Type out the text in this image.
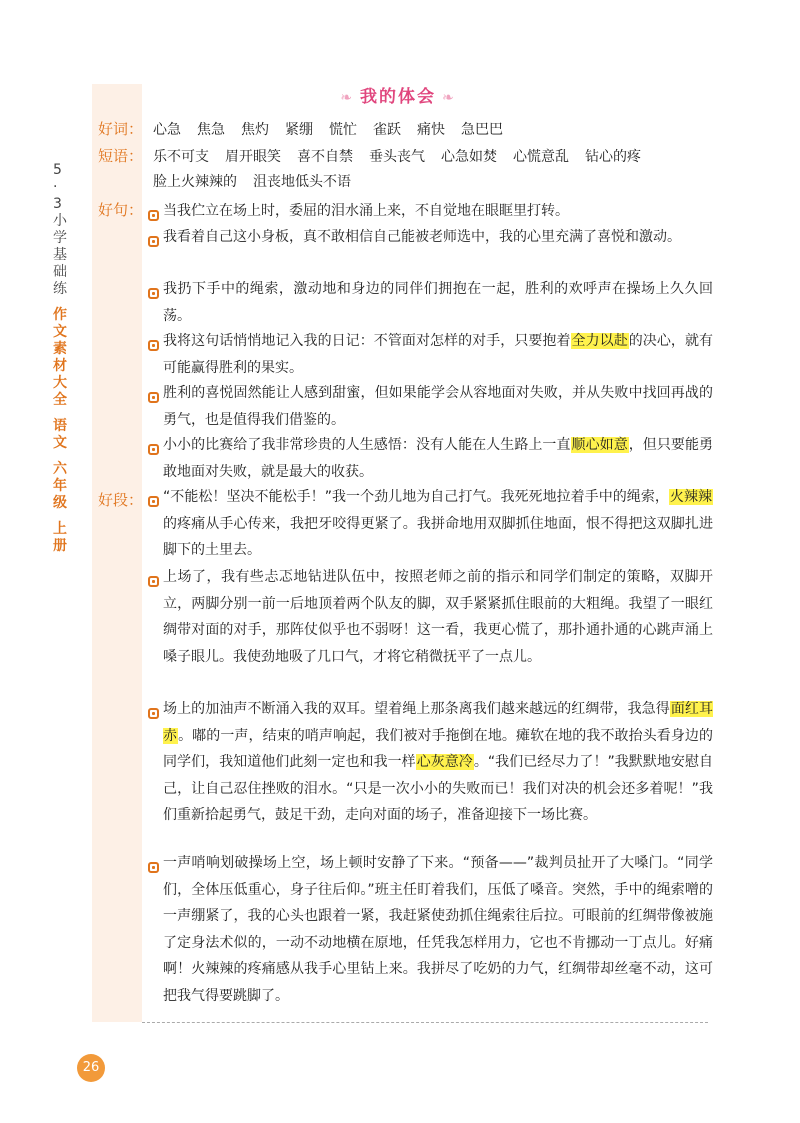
5
·
3
小
学
基
础
练
作
文
素
材
大
全
语
文
六
年
级
上
册
❧ 我的体会 ❧
好词： 心急 焦急 焦灼 紧绷 慌忙 雀跃 痛快 急巴巴
短语： 乐不可支 眉开眼笑 喜不自禁 垂头丧气 心急如焚 心慌意乱 钻心的疼
脸上火辣辣的 沮丧地低头不语
好句： 当我伫立在场上时，委屈的泪水涌上来，不自觉地在眼眶里打转。
我看着自己这小身板，真不敢相信自己能被老师选中，我的心里充满了喜悦和激动。
我扔下手中的绳索，激动地和身边的同伴们拥抱在一起，胜利的欢呼声在操场上久久回荡。
我将这句话悄悄地记入我的日记：不管面对怎样的对手，只要抱着全力以赴的决心，就有可能赢得胜利的果实。
胜利的喜悦固然能让人感到甜蜜，但如果能学会从容地面对失败，并从失败中找回再战的勇气，也是值得我们借鉴的。
小小的比赛给了我非常珍贵的人生感悟：没有人能在人生路上一直顺心如意，但只要能勇敢地面对失败，就是最大的收获。
好段： “不能松！坚决不能松手！”我一个劲儿地为自己打气。我死死地拉着手中的绳索，火辣辣的疼痛从手心传来，我把牙咬得更紧了。我拼命地用双脚抓住地面，恨不得把这双脚扎进脚下的土里去。
上场了，我有些忐忑地钻进队伍中，按照老师之前的指示和同学们制定的策略，双脚开立，两脚分别一前一后地顶着两个队友的脚，双手紧紧抓住眼前的大粗绳。我望了一眼红绸带对面的对手，那阵仗似乎也不弱呀！这一看，我更心慌了，那扑通扑通的心跳声涌上嗓子眼儿。我使劲地吸了几口气，才将它稍微抚平了一点儿。
场上的加油声不断涌入我的双耳。望着绳上那条离我们越来越远的红绸带，我急得面红耳赤。嘟的一声，结束的哨声响起，我们被对手拖倒在地。瘫软在地的我不敢抬头看身边的同学们，我知道他们此刻一定也和我一样心灰意冷。“我们已经尽力了！”我默默地安慰自己，让自己忍住挫败的泪水。“只是一次小小的失败而已！我们对决的机会还多着呢！”我们重新拾起勇气，鼓足干劲，走向对面的场子，准备迎接下一场比赛。
一声哨响划破操场上空，场上顿时安静了下来。“预备——”裁判员扯开了大嗓门。“同学们，全体压低重心，身子往后仰。”班主任盯着我们，压低了嗓音。突然，手中的绳索噌的一声绷紧了，我的心头也跟着一紧，我赶紧使劲抓住绳索往后拉。可眼前的红绸带像被施了定身法术似的，一动不动地横在原地，任凭我怎样用力，它也不肯挪动一丁点儿。好痛啊！火辣辣的疼痛感从我手心里钻上来。我拼尽了吃奶的力气，红绸带却丝毫不动，这可把我气得要跳脚了。
26
